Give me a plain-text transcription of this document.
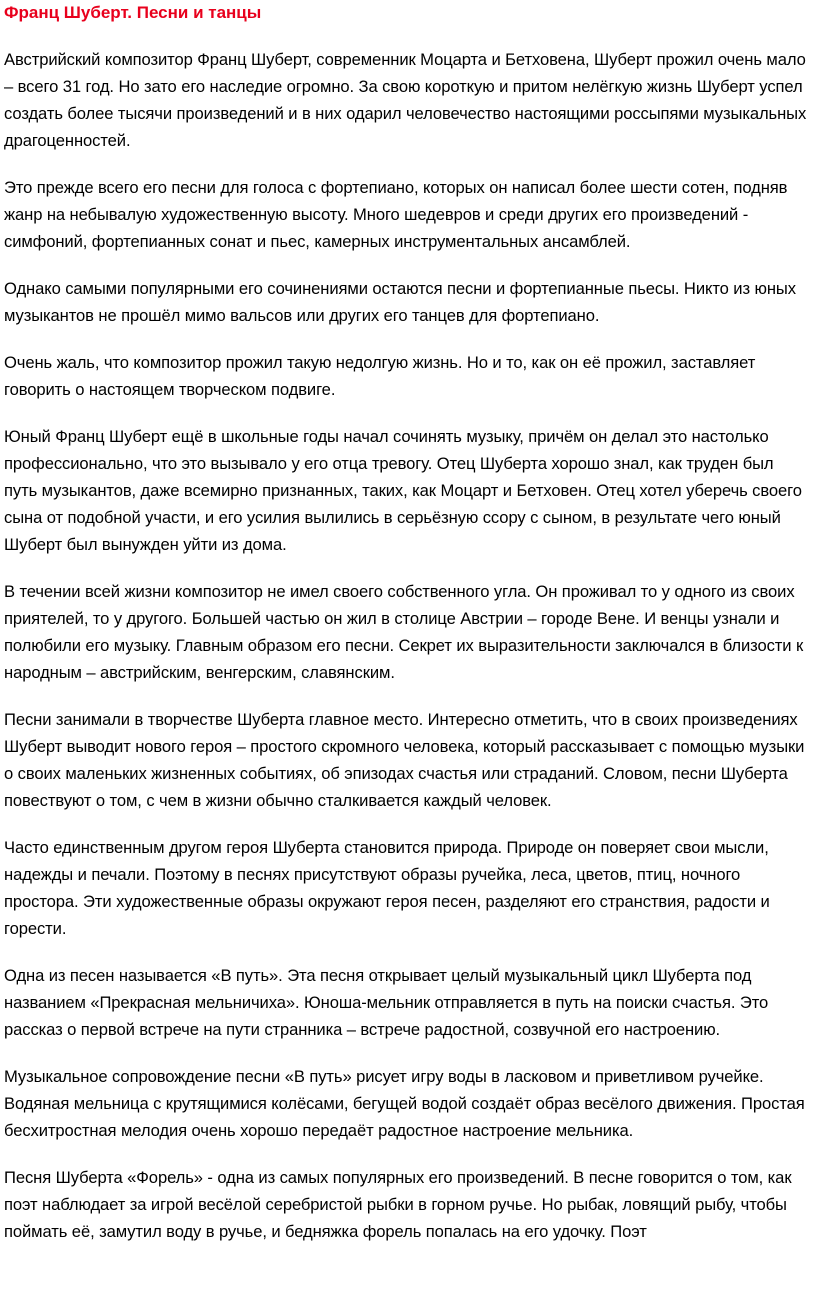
Франц Шуберт. Песни и танцы

Австрийский композитор Франц Шуберт, современник Моцарта и Бетховена, Шуберт прожил очень мало – всего 31 год. Но зато его наследие огромно. За свою короткую и притом нелёгкую жизнь Шуберт успел создать более тысячи произведений и в них одарил человечество настоящими россыпями музыкальных драгоценностей.

Это прежде всего его песни для голоса с фортепиано, которых он написал более шести сотен, подняв жанр на небывалую художественную высоту. Много шедевров и среди других его произведений - симфоний, фортепианных сонат и пьес, камерных инструментальных ансамблей.

Однако самыми популярными его сочинениями остаются песни и фортепианные пьесы. Никто из юных музыкантов не прошёл мимо вальсов или других его танцев для фортепиано.

Очень жаль, что композитор прожил такую недолгую жизнь. Но и то, как он её прожил, заставляет говорить о настоящем творческом подвиге.

Юный Франц Шуберт ещё в школьные годы начал сочинять музыку, причём он делал это настолько профессионально, что это вызывало у его отца тревогу. Отец Шуберта хорошо знал, как труден был путь музыкантов, даже всемирно признанных, таких, как Моцарт и Бетховен. Отец хотел уберечь своего сына от подобной участи, и его усилия вылились в серьёзную ссору с сыном, в результате чего юный Шуберт был вынужден уйти из дома.

В течении всей жизни композитор не имел своего собственного угла. Он проживал то у одного из своих приятелей, то у другого. Большей частью он жил в столице Австрии – городе Вене. И венцы узнали и полюбили его музыку. Главным образом его песни. Секрет их выразительности заключался в близости к народным – австрийским, венгерским, славянским.

Песни занимали в творчестве Шуберта главное место. Интересно отметить, что в своих произведениях Шуберт выводит нового героя – простого скромного человека, который рассказывает с помощью музыки о своих маленьких жизненных событиях, об эпизодах счастья или страданий. Словом, песни Шуберта повествуют о том, с чем в жизни обычно сталкивается каждый человек.

Часто единственным другом героя Шуберта становится природа. Природе он поверяет свои мысли, надежды и печали. Поэтому в песнях присутствуют образы ручейка, леса, цветов, птиц, ночного простора. Эти художественные образы окружают героя песен, разделяют его странствия, радости и горести.

Одна из песен называется «В путь». Эта песня открывает целый музыкальный цикл Шуберта под названием «Прекрасная мельничиха». Юноша-мельник отправляется в путь на поиски счастья. Это рассказ о первой встрече на пути странника – встрече радостной, созвучной его настроению.

Музыкальное сопровождение песни «В путь» рисует игру воды в ласковом и приветливом ручейке. Водяная мельница с крутящимися колёсами, бегущей водой создаёт образ весёлого движения. Простая бесхитростная мелодия очень хорошо передаёт радостное настроение мельника.

Песня Шуберта «Форель» - одна из самых популярных его произведений. В песне говорится о том, как поэт наблюдает за игрой весёлой серебристой рыбки в горном ручье. Но рыбак, ловящий рыбу, чтобы поймать её, замутил воду в ручье, и бедняжка форель попалась на его удочку. Поэт
